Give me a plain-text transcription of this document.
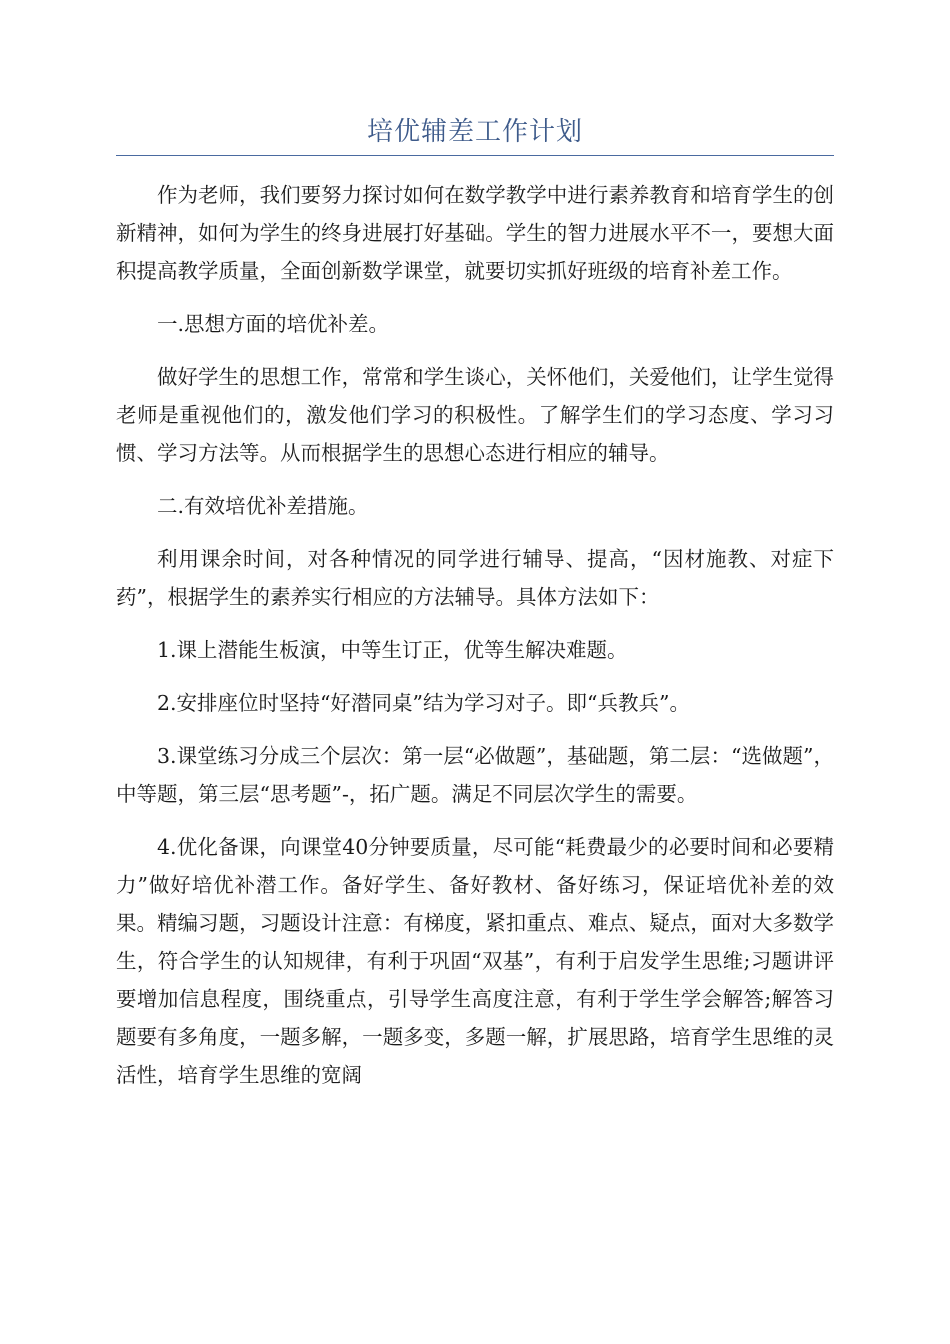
培优辅差工作计划

作为老师，我们要努力探讨如何在数学教学中进行素养教育和培育学生的创新精神，如何为学生的终身进展打好基础。学生的智力进展水平不一，要想大面积提高教学质量，全面创新数学课堂，就要切实抓好班级的培育补差工作。

一.思想方面的培优补差。

做好学生的思想工作，常常和学生谈心，关怀他们，关爱他们，让学生觉得老师是重视他们的，激发他们学习的积极性。了解学生们的学习态度、学习习惯、学习方法等。从而根据学生的思想心态进行相应的辅导。

二.有效培优补差措施。

利用课余时间，对各种情况的同学进行辅导、提高，“因材施教、对症下药”，根据学生的素养实行相应的方法辅导。具体方法如下：

1.课上潜能生板演，中等生订正，优等生解决难题。

2.安排座位时坚持“好潜同桌”结为学习对子。即“兵教兵”。

3.课堂练习分成三个层次：第一层“必做题”，基础题，第二层：“选做题”，中等题，第三层“思考题”-，拓广题。满足不同层次学生的需要。

4.优化备课，向课堂40分钟要质量，尽可能“耗费最少的必要时间和必要精力”做好培优补潜工作。备好学生、备好教材、备好练习，保证培优补差的效果。精编习题，习题设计注意：有梯度，紧扣重点、难点、疑点，面对大多数学生，符合学生的认知规律，有利于巩固“双基”，有利于启发学生思维;习题讲评要增加信息程度，围绕重点，引导学生高度注意，有利于学生学会解答;解答习题要有多角度，一题多解，一题多变，多题一解，扩展思路，培育学生思维的灵活性，培育学生思维的宽阔
